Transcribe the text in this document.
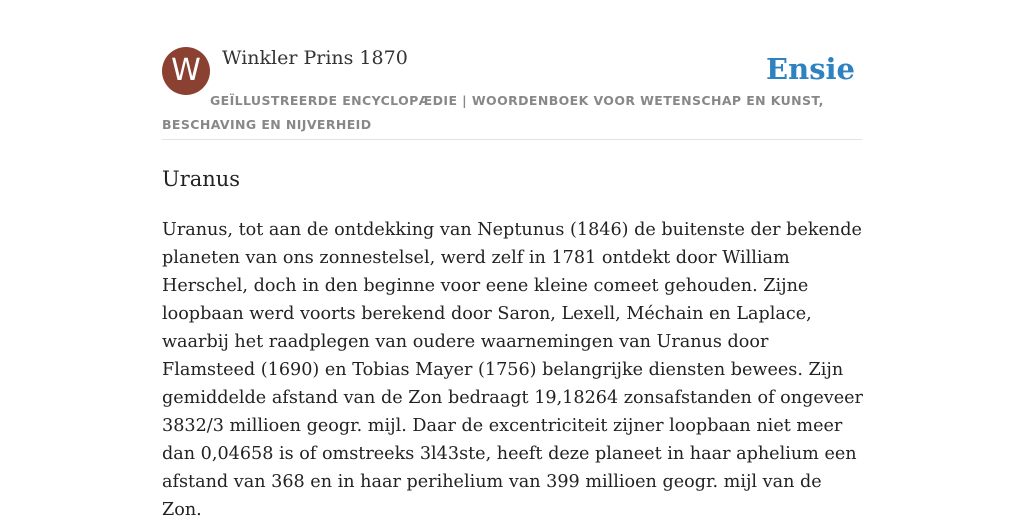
W	Winkler Prins 1870	Ensie
GEÏLLUSTREERDE ENCYCLOPÆDIE | WOORDENBOEK VOOR WETENSCHAP EN KUNST, BESCHAVING EN NIJVERHEID
Uranus

Uranus, tot aan de ontdekking van Neptunus (1846) de buitenste der bekende planeten van ons zonnestelsel, werd zelf in 1781 ontdekt door William Herschel, doch in den beginne voor eene kleine comeet gehouden. Zijne loopbaan werd voorts berekend door Saron, Lexell, Méchain en Laplace, waarbij het raadplegen van oudere waarnemingen van Uranus door Flamsteed (1690) en Tobias Mayer (1756) belangrijke diensten bewees. Zijn gemiddelde afstand van de Zon bedraagt 19,18264 zonsafstanden of ongeveer 3832/3 millioen geogr. mijl. Daar de excentriciteit zijner loopbaan niet meer dan 0,04658 is of omstreeks 3l43ste, heeft deze planeet in haar aphelium een afstand van 368 en in haar perihelium van 399 millioen geogr. mijl van de Zon.
